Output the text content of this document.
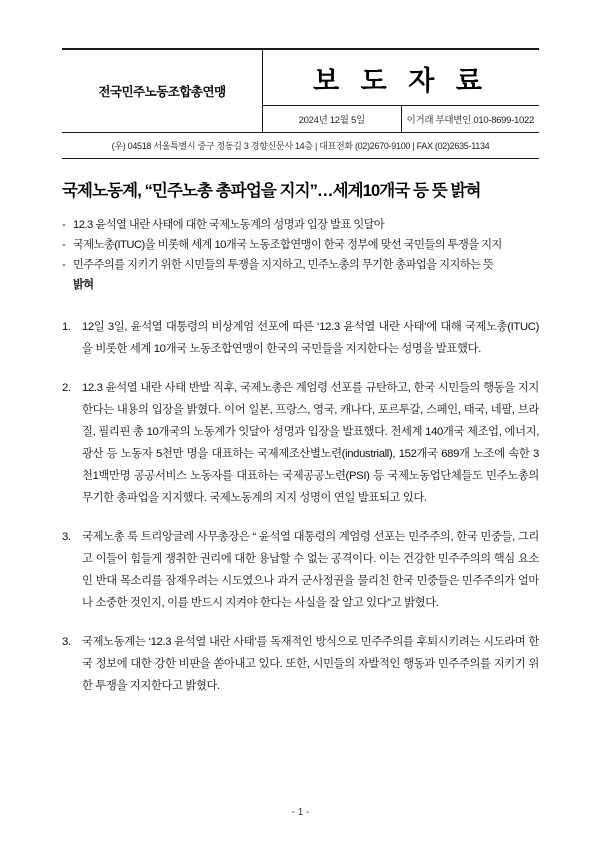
전국민주노동조합총연맹	보 도 자 료
2024년 12월 5일	이거래 부대변인 010-8699-1022
(우) 04518 서울특별시 중구 정동길 3 경향신문사 14층 | 대표전화 (02)2670-9100 | FAX (02)2635-1134
국제노동계, “민주노총 총파업을 지지”…세계10개국 등 뜻 밝혀
- 12.3 윤석열 내란 사태에 대한 국제노동계의 성명과 입장 발표 잇달아
- 국제노총(ITUC)을 비롯해 세계 10개국 노동조합연맹이 한국 정부에 맞선 국민들의 투쟁을 지지
- 민주주의를 지키기 위한 시민들의 투쟁을 지지하고, 민주노총의 무기한 총파업을 지지하는 뜻
밝혀
1. 12일 3일, 윤석열 대통령의 비상계엄 선포에 따른 ‘12.3 윤석열 내란 사태’에 대해 국제노총(ITUC)을 비롯한 세계 10개국 노동조합연맹이 한국의 국민들을 지지한다는 성명을 발표했다.
2. 12.3 윤석열 내란 사태 반발 직후, 국제노총은 계엄령 선포를 규탄하고, 한국 시민들의 행동을 지지한다는 내용의 입장을 밝혔다. 이어 일본, 프랑스, 영국, 캐나다, 포르투갈, 스페인, 태국, 네팔, 브라질, 필리핀 총 10개국의 노동계가 잇달아 성명과 입장을 발표했다. 전세계 140개국 제조업, 에너지, 광산 등 노동자 5천만 명을 대표하는 국제제조산별노련(industriall), 152개국 689개 노조에 속한 3천1백만명 공공서비스 노동자를 대표하는 국제공공노련(PSI) 등 국제노동업단체들도 민주노총의 무기한 총파업을 지지했다. 국제노동계의 지지 성명이 연일 발표되고 있다.
3. 국제노총 룩 트리앙글레 사무총장은 “ 윤석열 대통령의 계엄령 선포는 민주주의, 한국 민중들, 그리고 이들이 힘들게 쟁취한 권리에 대한 용납할 수 없는 공격이다. 이는 건강한 민주주의의 핵심 요소인 반대 목소리를 잠재우려는 시도였으나 과거 군사정권을 물리친 한국 민중들은 민주주의가 얼마나 소중한 것인지, 이를 반드시 지켜야 한다는 사실을 잘 알고 있다”고 밝혔다.
3. 국제노동계는 ‘12.3 윤석열 내란 사태’를 독재적인 방식으로 민주주의를 후퇴시키려는 시도라며 한국 정보에 대한 강한 비판을 쏟아내고 있다. 또한, 시민들의 자발적인 행동과 민주주의를 지키기 위한 투쟁을 지지한다고 밝혔다.
- 1 -
